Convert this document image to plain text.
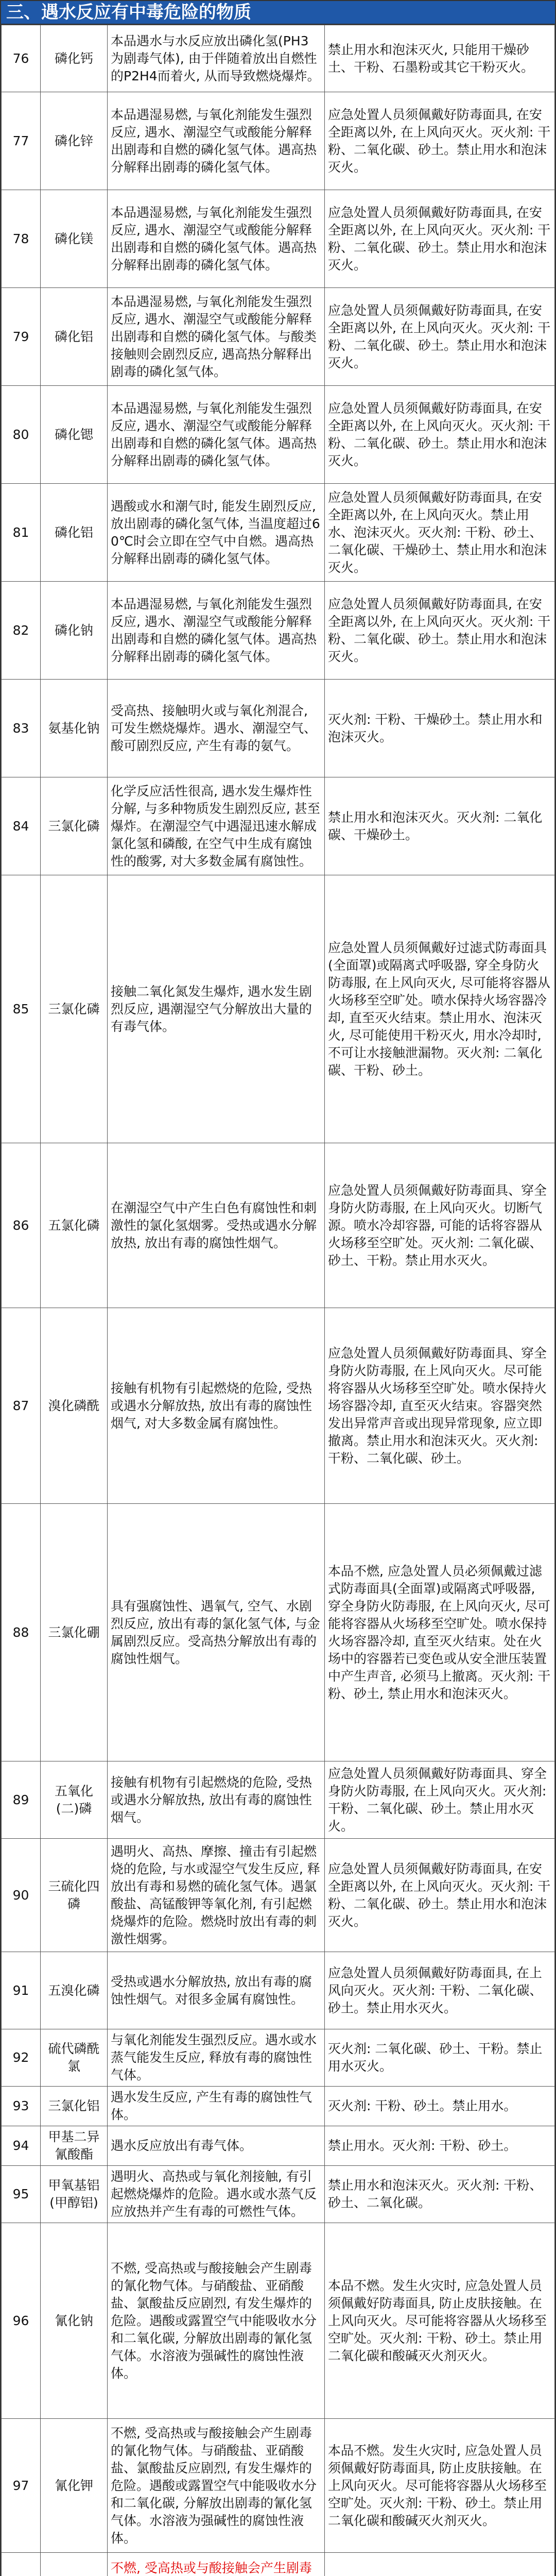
三、遇水反应有中毒危险的物质
76	磷化钙	本品遇水与水反应放出磷化氢(PH3为剧毒气体), 由于伴随着放出自燃性的P2H4而着火, 从而导致燃烧爆炸。	禁止用水和泡沫灭火, 只能用干燥砂土、干粉、石墨粉或其它干粉灭火。
77	磷化锌	本品遇湿易燃, 与氧化剂能发生强烈反应, 遇水、潮湿空气或酸能分解释出剧毒和自燃的磷化氢气体。遇高热分解释出剧毒的磷化氢气体。	应急处置人员须佩戴好防毒面具, 在安全距离以外, 在上风向灭火。灭火剂: 干粉、二氧化碳、砂土。禁止用水和泡沫灭火。
78	磷化镁	本品遇湿易燃, 与氧化剂能发生强烈反应, 遇水、潮湿空气或酸能分解释出剧毒和自燃的磷化氢气体。遇高热分解释出剧毒的磷化氢气体。	应急处置人员须佩戴好防毒面具, 在安全距离以外, 在上风向灭火。灭火剂: 干粉、二氧化碳、砂土。禁止用水和泡沫灭火。
79	磷化铝	本品遇湿易燃, 与氧化剂能发生强烈反应, 遇水、潮湿空气或酸能分解释出剧毒和自燃的磷化氢气体。与酸类接触则会剧烈反应, 遇高热分解释出剧毒的磷化氢气体。	应急处置人员须佩戴好防毒面具, 在安全距离以外, 在上风向灭火。灭火剂: 干粉、二氧化碳、砂土。禁止用水和泡沫灭火。
80	磷化锶	本品遇湿易燃, 与氧化剂能发生强烈反应, 遇水、潮湿空气或酸能分解释出剧毒和自燃的磷化氢气体。遇高热分解释出剧毒的磷化氢气体。	应急处置人员须佩戴好防毒面具, 在安全距离以外, 在上风向灭火。灭火剂: 干粉、二氧化碳、砂土。禁止用水和泡沫灭火。
81	磷化铝	遇酸或水和潮气时, 能发生剧烈反应, 放出剧毒的磷化氢气体, 当温度超过60℃时会立即在空气中自燃。遇高热分解释出剧毒的磷化氢气体。	应急处置人员须佩戴好防毒面具, 在安全距离以外, 在上风向灭火。禁止用水、泡沫灭火。灭火剂: 干粉、砂土、二氧化碳、干燥砂土、禁止用水和泡沫灭火。
82	磷化钠	本品遇湿易燃, 与氧化剂能发生强烈反应, 遇水、潮湿空气或酸能分解释出剧毒和自燃的磷化氢气体。遇高热分解释出剧毒的磷化氢气体。	应急处置人员须佩戴好防毒面具, 在安全距离以外, 在上风向灭火。灭火剂: 干粉、二氧化碳、砂土。禁止用水和泡沫灭火。
83	氨基化钠	受高热、接触明火或与氧化剂混合, 可发生燃烧爆炸。遇水、潮湿空气、酸可剧烈反应, 产生有毒的氨气。	灭火剂: 干粉、干燥砂土。禁止用水和泡沫灭火。
84	三氯化磷	化学反应活性很高, 遇水发生爆炸性分解, 与多种物质发生剧烈反应, 甚至爆炸。在潮湿空气中遇湿迅速水解成氯化氢和磷酸, 在空气中生成有腐蚀性的酸雾, 对大多数金属有腐蚀性。	禁止用水和泡沫灭火。灭火剂: 二氧化碳、干燥砂土。
85	三氯化磷	接触二氧化氮发生爆炸, 遇水发生剧烈反应, 遇潮湿空气分解放出大量的有毒气体。	应急处置人员须佩戴好过滤式防毒面具(全面罩)或隔离式呼吸器, 穿全身防火防毒服, 在上风向灭火, 尽可能将容器从火场移至空旷处。喷水保持火场容器冷却, 直至灭火结束。禁止用水、泡沫灭火, 尽可能使用干粉灭火, 用水冷却时, 不可让水接触泄漏物。灭火剂: 二氧化碳、干粉、砂土。
86	五氯化磷	在潮湿空气中产生白色有腐蚀性和刺激性的氯化氢烟雾。受热或遇水分解放热, 放出有毒的腐蚀性烟气。	应急处置人员须佩戴好防毒面具、穿全身防火防毒服, 在上风向灭火。切断气源。喷水冷却容器, 可能的话将容器从火场移至空旷处。灭火剂: 二氧化碳、砂土、干粉。禁止用水灭火。
87	溴化磷酰	接触有机物有引起燃烧的危险, 受热或遇水分解放热, 放出有毒的腐蚀性烟气, 对大多数金属有腐蚀性。	应急处置人员须佩戴好防毒面具、穿全身防火防毒服, 在上风向灭火。尽可能将容器从火场移至空旷处。喷水保持火场容器冷却, 直至灭火结束。容器突然发出异常声音或出现异常现象, 应立即撤离。禁止用水和泡沫灭火。灭火剂: 干粉、二氧化碳、砂土。
88	三氯化硼	具有强腐蚀性、遇氧气, 空气、水剧烈反应, 放出有毒的氯化氢气体, 与金属剧烈反应。受高热分解放出有毒的腐蚀性烟气。	本品不燃, 应急处置人员必须佩戴过滤式防毒面具(全面罩)或隔离式呼吸器, 穿全身防火防毒服, 在上风向灭火, 尽可能将容器从火场移至空旷处。喷水保持火场容器冷却, 直至灭火结束。处在火场中的容器若已变色或从安全泄压装置中产生声音, 必须马上撤离。灭火剂: 干粉、砂土, 禁止用水和泡沫灭火。
89	五氧化(二)磷	接触有机物有引起燃烧的危险, 受热或遇水分解放热, 放出有毒的腐蚀性烟气。	应急处置人员须佩戴好防毒面具、穿全身防火防毒服, 在上风向灭火。灭火剂: 干粉、二氧化碳、砂土。禁止用水灭火。
90	三硫化四磷	遇明火、高热、摩擦、撞击有引起燃烧的危险, 与水或湿空气发生反应, 释放出有毒和易燃的硫化氢气体。遇氯酸盐、高锰酸钾等氧化剂, 有引起燃烧爆炸的危险。燃烧时放出有毒的刺激性烟雾。	应急处置人员须佩戴好防毒面具, 在安全距离以外, 在上风向灭火。灭火剂: 干粉、二氧化碳、砂土。禁止用水和泡沫灭火。
91	五溴化磷	受热或遇水分解放热, 放出有毒的腐蚀性烟气。对很多金属有腐蚀性。	应急处置人员须佩戴好防毒面具, 在上风向灭火。灭火剂: 干粉、二氧化碳、砂土。禁止用水灭火。
92	硫代磷酰氯	与氧化剂能发生强烈反应。遇水或水蒸气能发生反应, 释放有毒的腐蚀性气体。	灭火剂: 二氧化碳、砂土、干粉。禁止用水灭火。
93	三氯化铝	遇水发生反应, 产生有毒的腐蚀性气体。	灭火剂: 干粉、砂土。禁止用水。
94	甲基二异氰酸酯	遇水反应放出有毒气体。	禁止用水。灭火剂: 干粉、砂土。
95	甲氧基铝(甲醇铝)	遇明火、高热或与氧化剂接触, 有引起燃烧爆炸的危险。遇水或水蒸气反应放热并产生有毒的可燃性气体。	禁止用水和泡沫灭火。灭火剂: 干粉、砂土、二氧化碳。
96	氰化钠	不燃, 受高热或与酸接触会产生剧毒的氰化物气体。与硝酸盐、亚硝酸盐、氯酸盐反应剧烈, 有发生爆炸的危险。遇酸或露置空气中能吸收水分和二氧化碳, 分解放出剧毒的氰化氢气体。水溶液为强碱性的腐蚀性液体。	本品不燃。发生火灾时, 应急处置人员须佩戴好防毒面具, 防止皮肤接触。在上风向灭火。尽可能将容器从火场移至空旷处。灭火剂: 干粉、砂土。禁止用二氧化碳和酸碱灭火剂灭火。
97	氰化钾	不燃, 受高热或与酸接触会产生剧毒的氰化物气体。与硝酸盐、亚硝酸盐、氯酸盐反应剧烈, 有发生爆炸的危险。遇酸或露置空气中能吸收水分和二氧化碳, 分解放出剧毒的氰化氢气体。水溶液为强碱性的腐蚀性液体。	本品不燃。发生火灾时, 应急处置人员须佩戴好防毒面具, 防止皮肤接触。在上风向灭火。尽可能将容器从火场移至空旷处。灭火剂: 干粉、砂土。禁止用二氧化碳和酸碱灭火剂灭火。
		不燃, 受高热或与酸接触会产生剧毒	
